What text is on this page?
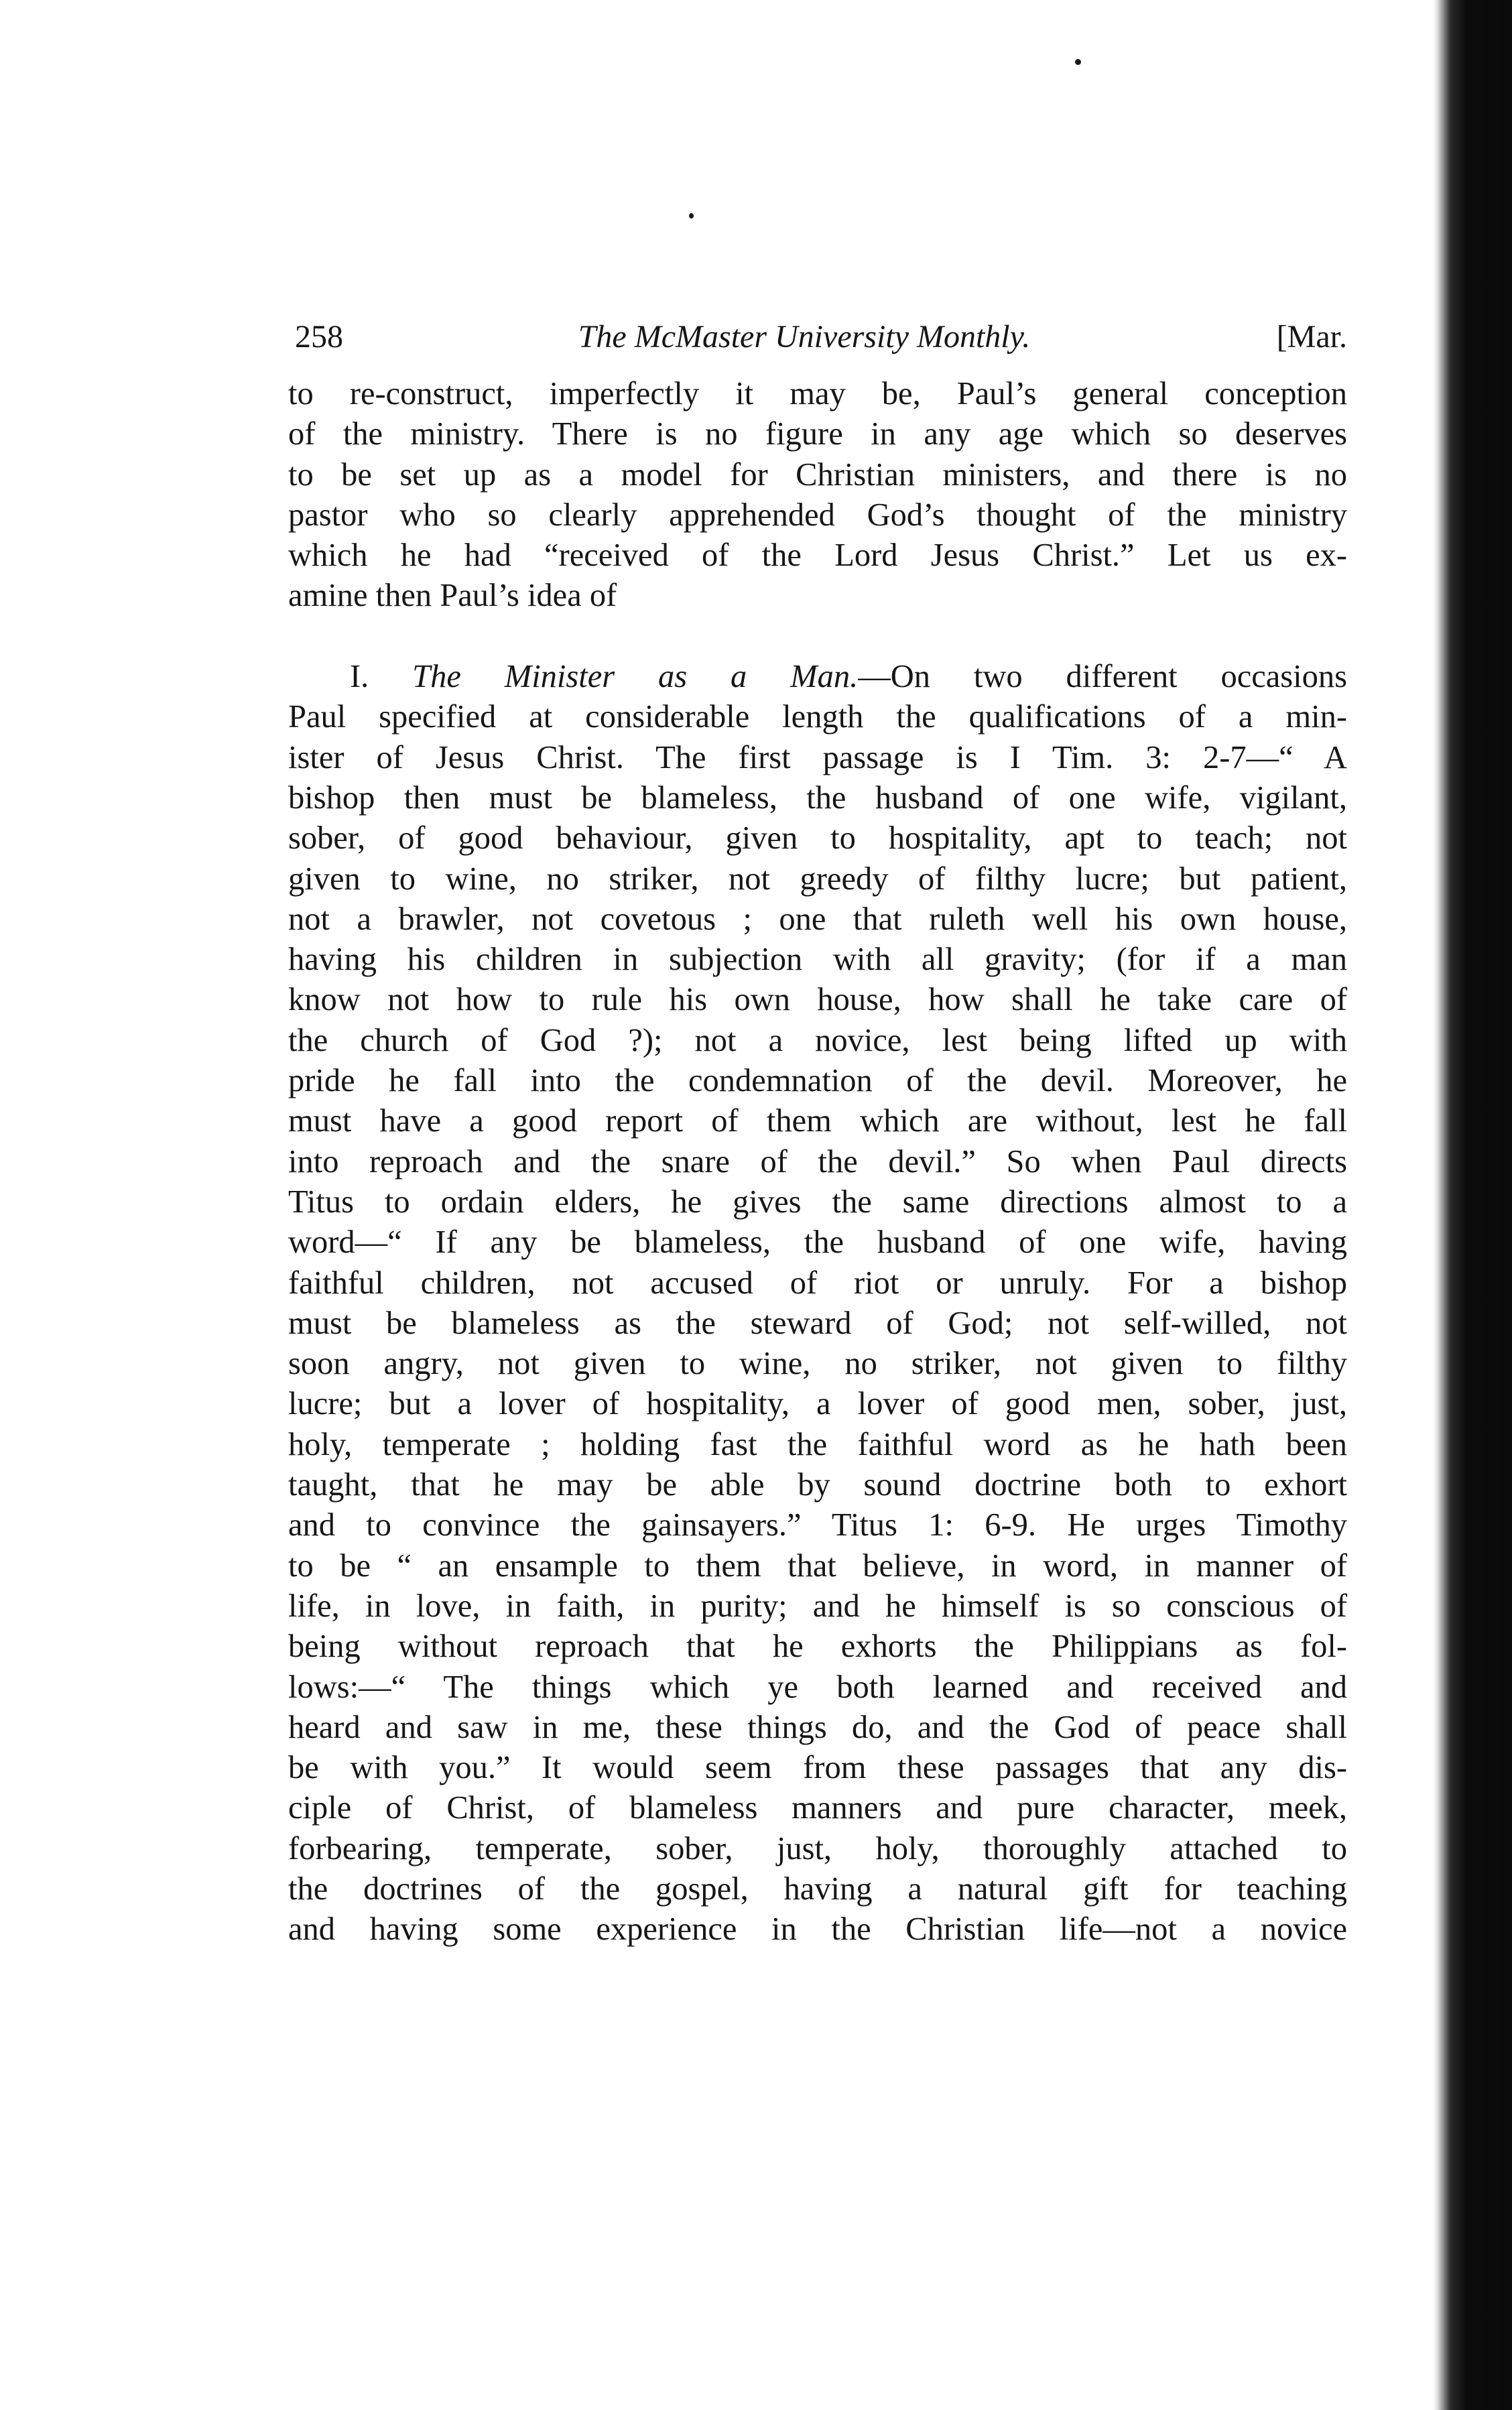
258	The McMaster University Monthly.	[Mar.
to re-construct, imperfectly it may be, Paul’s general conception
of the ministry. There is no figure in any age which so deserves
to be set up as a model for Christian ministers, and there is no
pastor who so clearly apprehended God’s thought of the ministry
which he had “received of the Lord Jesus Christ.” Let us ex-
amine then Paul’s idea of
I. The Minister as a Man.—On two different occasions
Paul specified at considerable length the qualifications of a min-
ister of Jesus Christ. The first passage is I Tim. 3: 2-7—“ A
bishop then must be blameless, the husband of one wife, vigilant,
sober, of good behaviour, given to hospitality, apt to teach; not
given to wine, no striker, not greedy of filthy lucre; but patient,
not a brawler, not covetous ; one that ruleth well his own house,
having his children in subjection with all gravity; (for if a man
know not how to rule his own house, how shall he take care of
the church of God ?); not a novice, lest being lifted up with
pride he fall into the condemnation of the devil. Moreover, he
must have a good report of them which are without, lest he fall
into reproach and the snare of the devil.” So when Paul directs
Titus to ordain elders, he gives the same directions almost to a
word—“ If any be blameless, the husband of one wife, having
faithful children, not accused of riot or unruly. For a bishop
must be blameless as the steward of God; not self-willed, not
soon angry, not given to wine, no striker, not given to filthy
lucre; but a lover of hospitality, a lover of good men, sober, just,
holy, temperate ; holding fast the faithful word as he hath been
taught, that he may be able by sound doctrine both to exhort
and to convince the gainsayers.” Titus 1: 6-9. He urges Timothy
to be “ an ensample to them that believe, in word, in manner of
life, in love, in faith, in purity; and he himself is so conscious of
being without reproach that he exhorts the Philippians as fol-
lows:—“ The things which ye both learned and received and
heard and saw in me, these things do, and the God of peace shall
be with you.” It would seem from these passages that any dis-
ciple of Christ, of blameless manners and pure character, meek,
forbearing, temperate, sober, just, holy, thoroughly attached to
the doctrines of the gospel, having a natural gift for teaching
and having some experience in the Christian life—not a novice
